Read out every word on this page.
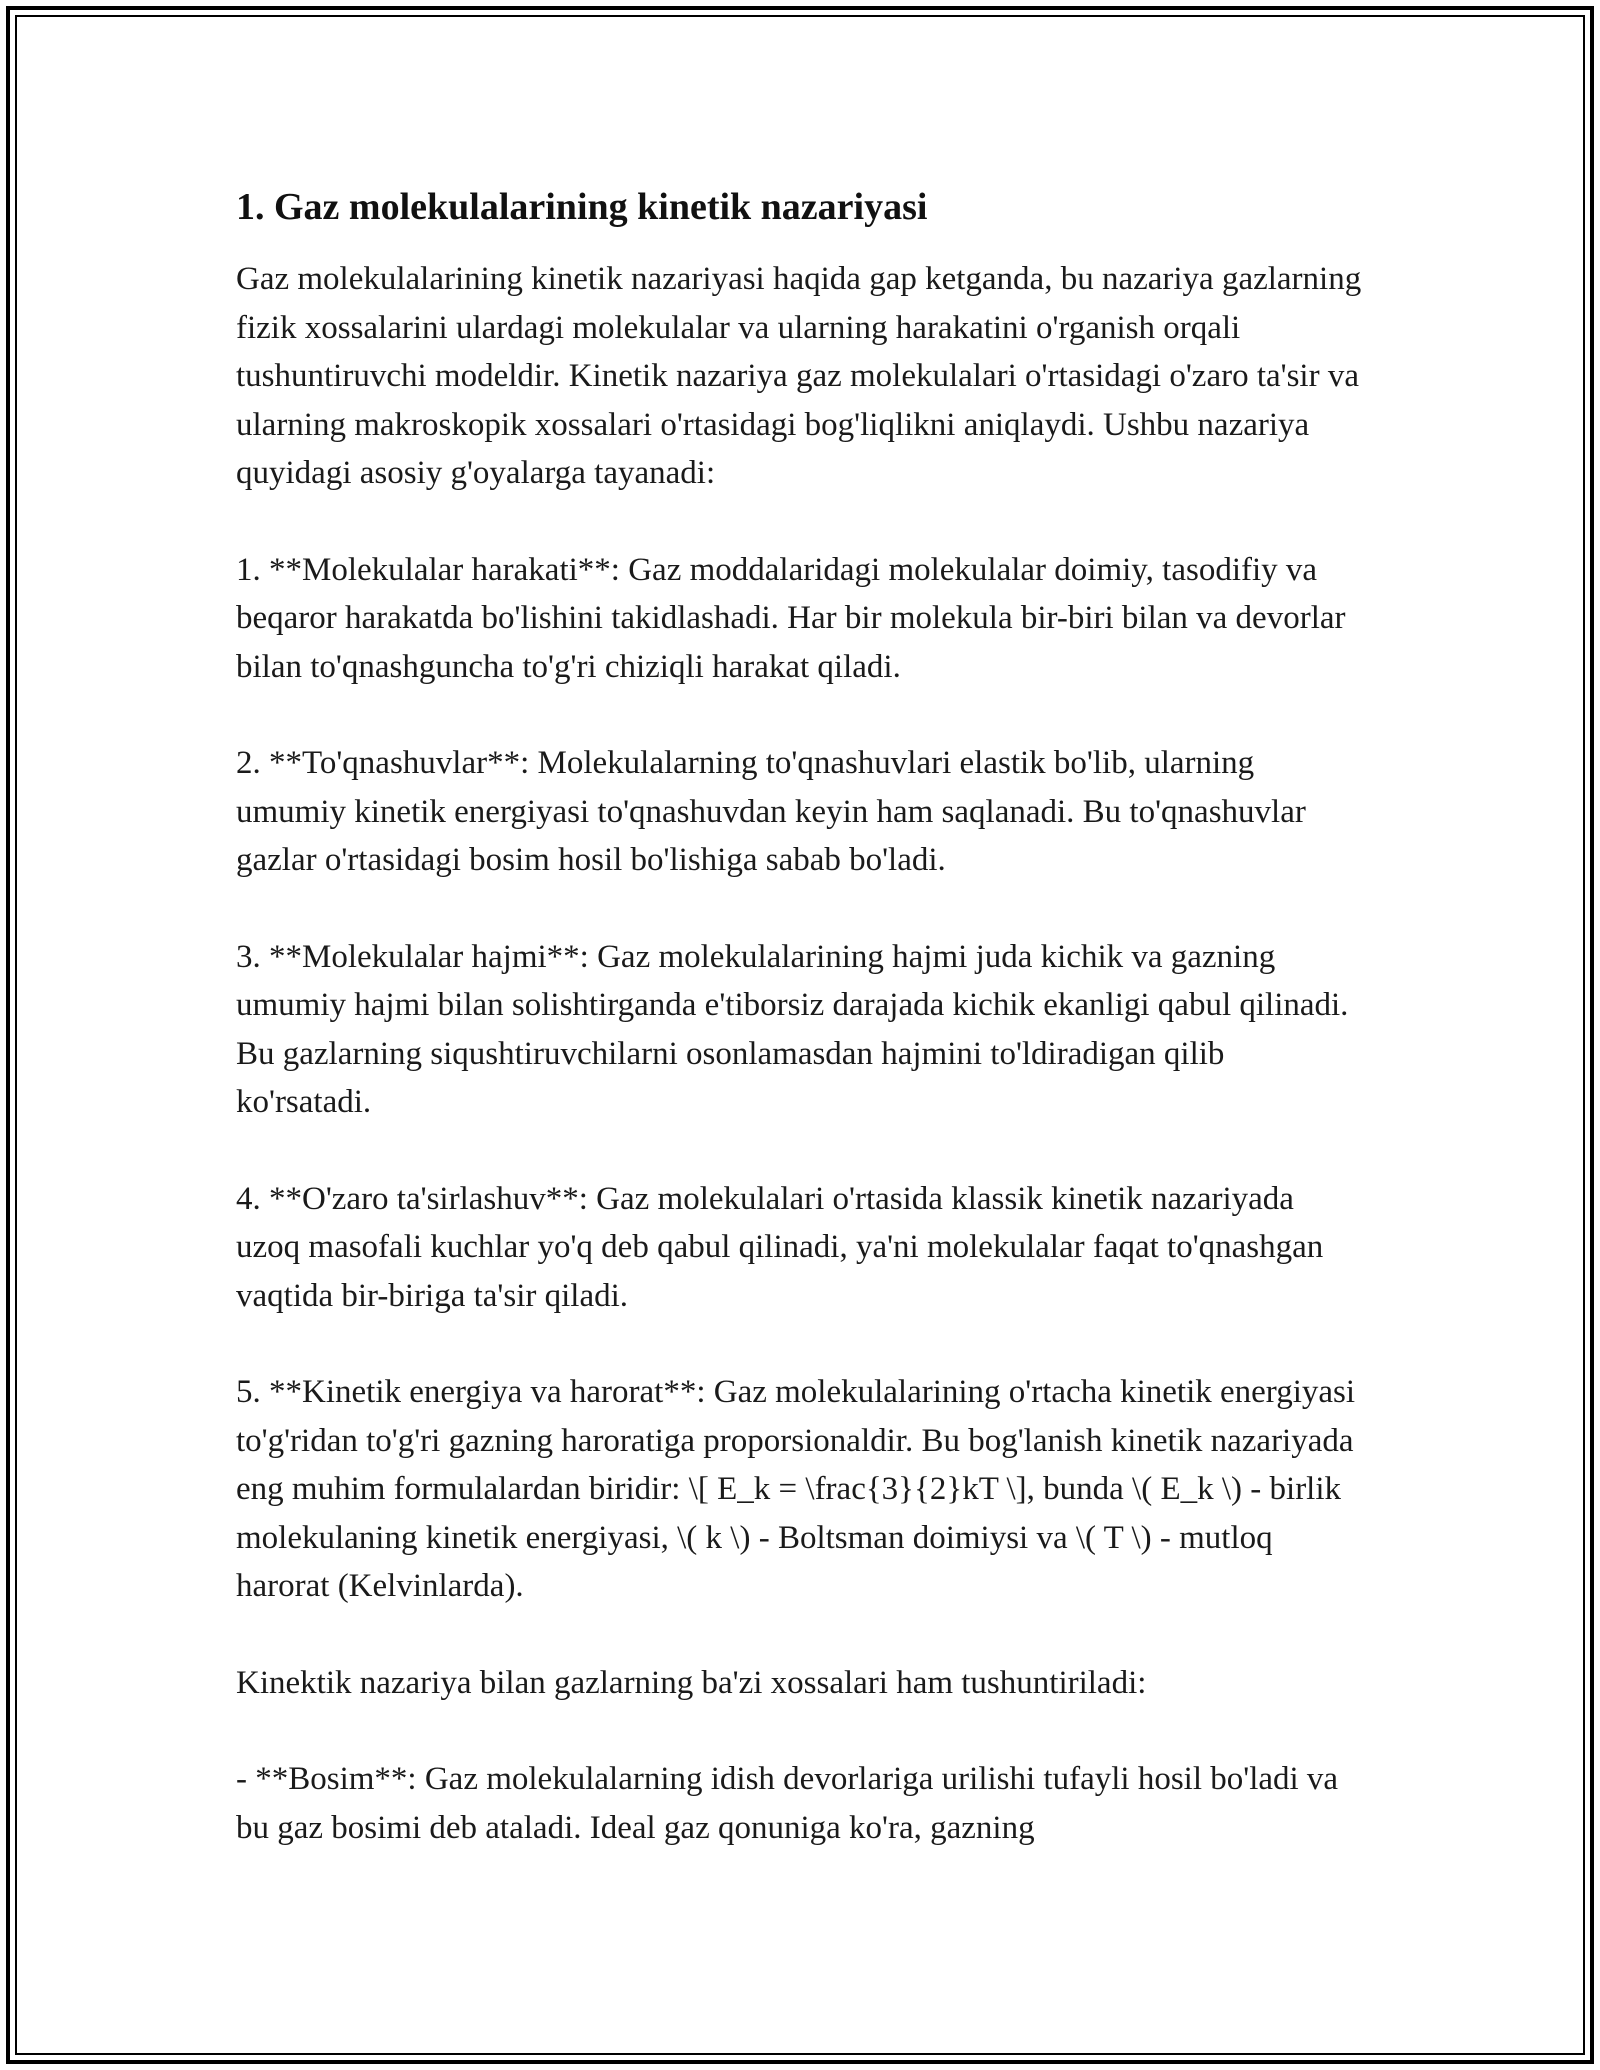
1. Gaz molekulalarining kinetik nazariyasi

Gaz molekulalarining kinetik nazariyasi haqida gap ketganda, bu nazariya gazlarning fizik xossalarini ulardagi molekulalar va ularning harakatini o'rganish orqali tushuntiruvchi modeldir. Kinetik nazariya gaz molekulalari o'rtasidagi o'zaro ta'sir va ularning makroskopik xossalari o'rtasidagi bog'liqlikni aniqlaydi. Ushbu nazariya quyidagi asosiy g'oyalarga tayanadi:

1. **Molekulalar harakati**: Gaz moddalaridagi molekulalar doimiy, tasodifiy va beqaror harakatda bo'lishini takidlashadi. Har bir molekula bir-biri bilan va devorlar bilan to'qnashguncha to'g'ri chiziqli harakat qiladi.

2. **To'qnashuvlar**: Molekulalarning to'qnashuvlari elastik bo'lib, ularning umumiy kinetik energiyasi to'qnashuvdan keyin ham saqlanadi. Bu to'qnashuvlar gazlar o'rtasidagi bosim hosil bo'lishiga sabab bo'ladi.

3. **Molekulalar hajmi**: Gaz molekulalarining hajmi juda kichik va gazning umumiy hajmi bilan solishtirganda e'tiborsiz darajada kichik ekanligi qabul qilinadi. Bu gazlarning siqushtiruvchilarni osonlamasdan hajmini to'ldiradigan qilib ko'rsatadi.

4. **O'zaro ta'sirlashuv**: Gaz molekulalari o'rtasida klassik kinetik nazariyada uzoq masofali kuchlar yo'q deb qabul qilinadi, ya'ni molekulalar faqat to'qnashgan vaqtida bir-biriga ta'sir qiladi.

5. **Kinetik energiya va harorat**: Gaz molekulalarining o'rtacha kinetik energiyasi to'g'ridan to'g'ri gazning haroratiga proporsionaldir. Bu bog'lanish kinetik nazariyada eng muhim formulalardan biridir: \[ E_k = \frac{3}{2}kT \], bunda \( E_k \) - birlik molekulaning kinetik energiyasi, \( k \) - Boltsman doimiysi va \( T \) - mutloq harorat (Kelvinlarda).

Kinektik nazariya bilan gazlarning ba'zi xossalari ham tushuntiriladi:

- **Bosim**: Gaz molekulalarning idish devorlariga urilishi tufayli hosil bo'ladi va bu gaz bosimi deb ataladi. Ideal gaz qonuniga ko'ra, gazning
